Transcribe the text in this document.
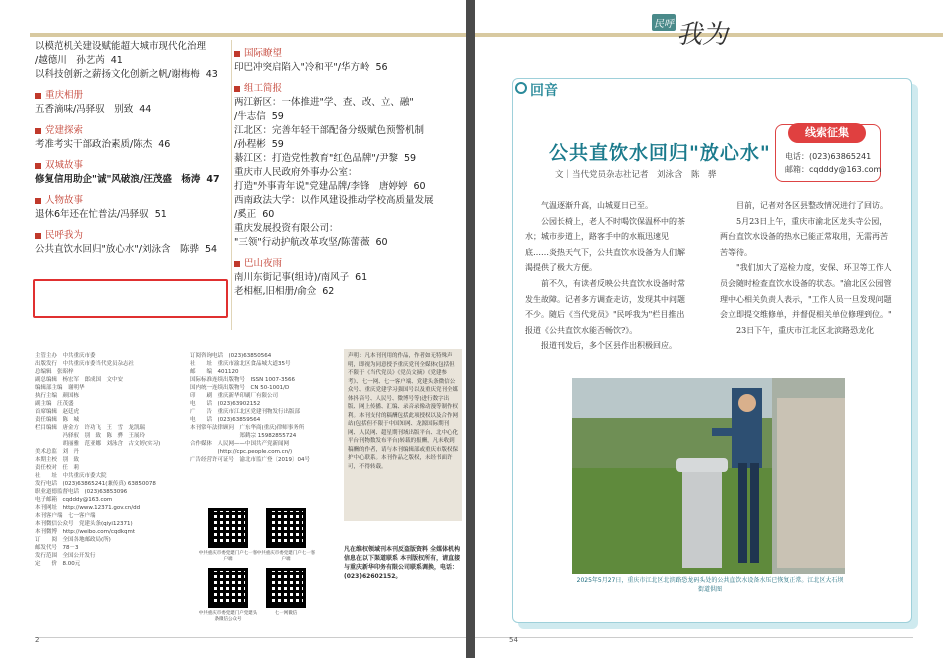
以模范机关建设赋能超大城市现代化治理
/越德川　孙艺芮 41
以科技创新之薪扬文化创新之帆/谢梅梅 43
重庆相册
五香滴味/冯驿驭　别致 44
党建探索
考准考实干部政治素质/陈杰 46
双城故事
修复信用助企"诚"风破浪/汪茂盛　杨涛 47
人物故事
退休6年还在忙普法/冯驿驭 51
民呼我为
公共直饮水回归"放心水"/刘泳含　陈骅 54
国际瞭望
印巴冲突启陷入"冷和平"/华方岭 56
组工简报
两江新区：一体推进"学、查、改、立、融"
/牛志信 59
江北区：完善年轻干部配备分级赋色预警机制
/孙程彬 59
綦江区：打造党性教育"红色品牌"/尹黎 59
重庆市人民政府外事办公室：
打造"外事青年说"党建品牌/李锋　唐婷婷 60
西南政法大学：以作风建设推动学校高质量发展
/奚正 60
重庆发展投资有限公司：
"三领"行动护航改革攻坚/陈蕾薇 60
巴山夜雨
南川东街记事(组诗)/南风子 61
老相框,旧相册/俞佥 62
主管主办　中共重庆市委
出版发行　中共重庆市委当代党员杂志社
总编辑　张昭梓
副总编辑　杨宏军　郎成国　文中安
编辑部主编　谢明华
执行主编　颜国栋
副主编　汪茂盛
首席编辑　赵廷虎
责任编辑　陈　城
栏目编辑　唐金方　许功飞　王　雪　龙凯瑞
　　　　　冯驿驭　别　致　陈　骅　王展玲
　　　　　胡丽雅　范亚娜　刘泳含　古文婷(实习)
美术总监　刘　丹
本期主校　别　致
责任校对　任　莉
社　　址　中共重庆市委大院
发行电话　(023)63865241(兼传真) 63850078
职业道德监督电话　(023)63853096
电子邮箱　cqdddy@163.com
本刊网址　http://www.12371.gov.cn/dd
本刊客户端　七一客户端
本刊微信公众号　党建头条(qiyi12371)
本刊微博　http://weibo.com/cqdkqmt
订　　阅　全国各地邮政局(所)
邮发代号　78－3
发行范围　全国公开发行
定　　价　8.00元
订阅咨询电话　(023)63850564
社　　址　重庆市渝北区食品城大道35号
邮　　编　401120
国际标准连续出版物号　ISSN 1007-3566
国内统一连续出版物号　CN 50-1001/D
印　　刷　重庆新华印刷厂有限公司
电　　话　(023)63902152
广　　告　重庆市江北区党建刊物发行出版部
电　　话　(023)63859564
本刊常年法律顾问　广东华商(重庆)律师事务所
　　　　　　　　　郑鹤宗 15982855724
合作媒体　人民网——中国共产党新闻网
　　　　　(http://cpc.people.com.cn/)
广告经营许可证号　渝北市监广登〔2019〕04号
声明：凡本刊刊用的作品，作者如无特殊声明，即视为同意授予重庆党刊全媒体(包括但不限于《当代党员》《党员文摘》《党建参考》、七一网、七一客户端、党建头条微信公众号、重庆党建学习强国号以及重庆党刊全媒体抖音号、人民号、微博号等)进行数字出版、网上传播、汇编、录音录像动漫等制作权利。本刊支付的稿酬包括此项授权以及合作网站(包括但不限于中国知网、龙源国际期刊网、人民网、超星期刊域出版平台、北中心化平台刊物数发布平台)转载的报酬，凡未收到稿酬的作者，请与本刊编辑部或重庆市版权保护中心联系。本刊作品之版权，未经书面许可，不得转载。
凡在维权领域刊本刊反盗版资料 全媒体机构信息在以下渠道联系 本刊版权所有，请直接与重庆新华印务有限公司联系调换，电话：(023)62602152。
中共重庆市委党建门户七一客户端
中共重庆市委党建门户七一客户端
中共重庆市委党建门户党建头条微信公众号
七一网微信
2
民呼 我为
回音
公共直饮水回归"放心水"
文｜当代党员杂志社记者　刘泳含　陈　骅
线索征集
电话：(023)63865241
邮箱：cqdddy@163.com
气温逐渐升高，山城夏日已至。
公园长椅上，老人不时喝饮保温杯中的茶水；城市步道上，路客手中的水瓶迅速见底……炎热天气下，公共直饮水设备为人们解渴提供了极大方便。
前不久，有读者反映公共直饮水设备时常发生故障。记者多方调查走访，发现其中问题不少。随后《当代党员》"民呼我为"栏目推出报道《公共直饮水能否畅饮?》。
报道刊发后，多个区县作出积极回应。
目前，记者对各区县整改情况进行了回访。
5月23日上午，重庆市渝北区龙头寺公园，两台直饮水设备的热水已能正常取用，无需再苦苦等待。
"我们加大了巡检力度，安保、环卫等工作人员会随时检查直饮水设备的状态。"渝北区公园管理中心相关负责人表示，"工作人员一旦发现问题会立即提交维修单，并督促相关单位修理到位。"
23日下午，重庆市江北区北滨路恐龙化
2025年5月27日，重庆市江北区北滨路恐龙码头处的公共直饮水设备水压已恢复正常。江北区大石坝街道供图
54
